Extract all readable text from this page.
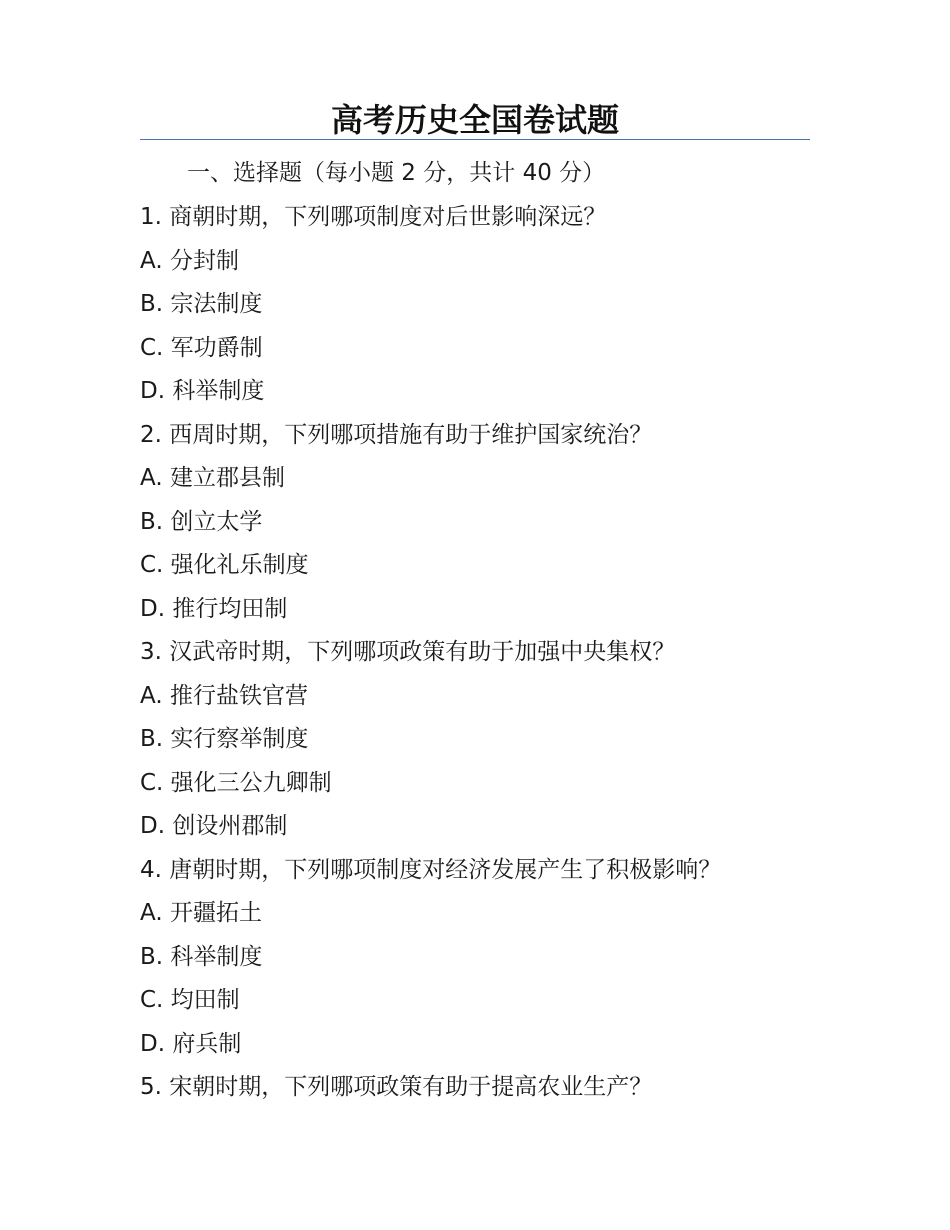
高考历史全国卷试题
一、选择题（每小题 2 分，共计 40 分）
1. 商朝时期，下列哪项制度对后世影响深远？
A. 分封制
B. 宗法制度
C. 军功爵制
D. 科举制度
2. 西周时期，下列哪项措施有助于维护国家统治？
A. 建立郡县制
B. 创立太学
C. 强化礼乐制度
D. 推行均田制
3. 汉武帝时期，下列哪项政策有助于加强中央集权？
A. 推行盐铁官营
B. 实行察举制度
C. 强化三公九卿制
D. 创设州郡制
4. 唐朝时期，下列哪项制度对经济发展产生了积极影响？
A. 开疆拓土
B. 科举制度
C. 均田制
D. 府兵制
5. 宋朝时期，下列哪项政策有助于提高农业生产？
